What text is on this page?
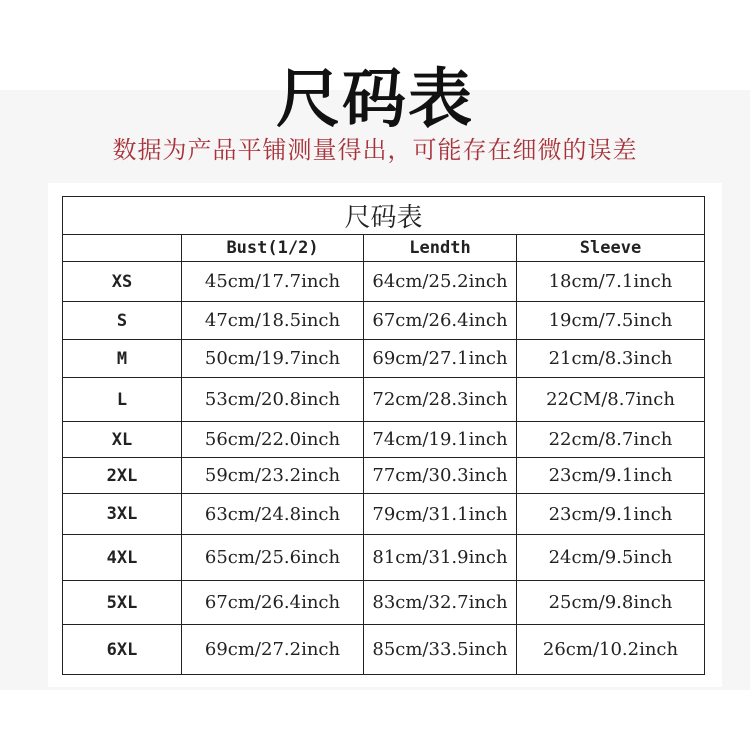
尺码表
数据为产品平铺测量得出，可能存在细微的误差
尺码表			
	Bust(1/2)	Lendth	Sleeve
XS	45cm/17.7inch	64cm/25.2inch	18cm/7.1inch
S	47cm/18.5inch	67cm/26.4inch	19cm/7.5inch
M	50cm/19.7inch	69cm/27.1inch	21cm/8.3inch
L	53cm/20.8inch	72cm/28.3inch	22CM/8.7inch
XL	56cm/22.0inch	74cm/19.1inch	22cm/8.7inch
2XL	59cm/23.2inch	77cm/30.3inch	23cm/9.1inch
3XL	63cm/24.8inch	79cm/31.1inch	23cm/9.1inch
4XL	65cm/25.6inch	81cm/31.9inch	24cm/9.5inch
5XL	67cm/26.4inch	83cm/32.7inch	25cm/9.8inch
6XL	69cm/27.2inch	85cm/33.5inch	26cm/10.2inch
